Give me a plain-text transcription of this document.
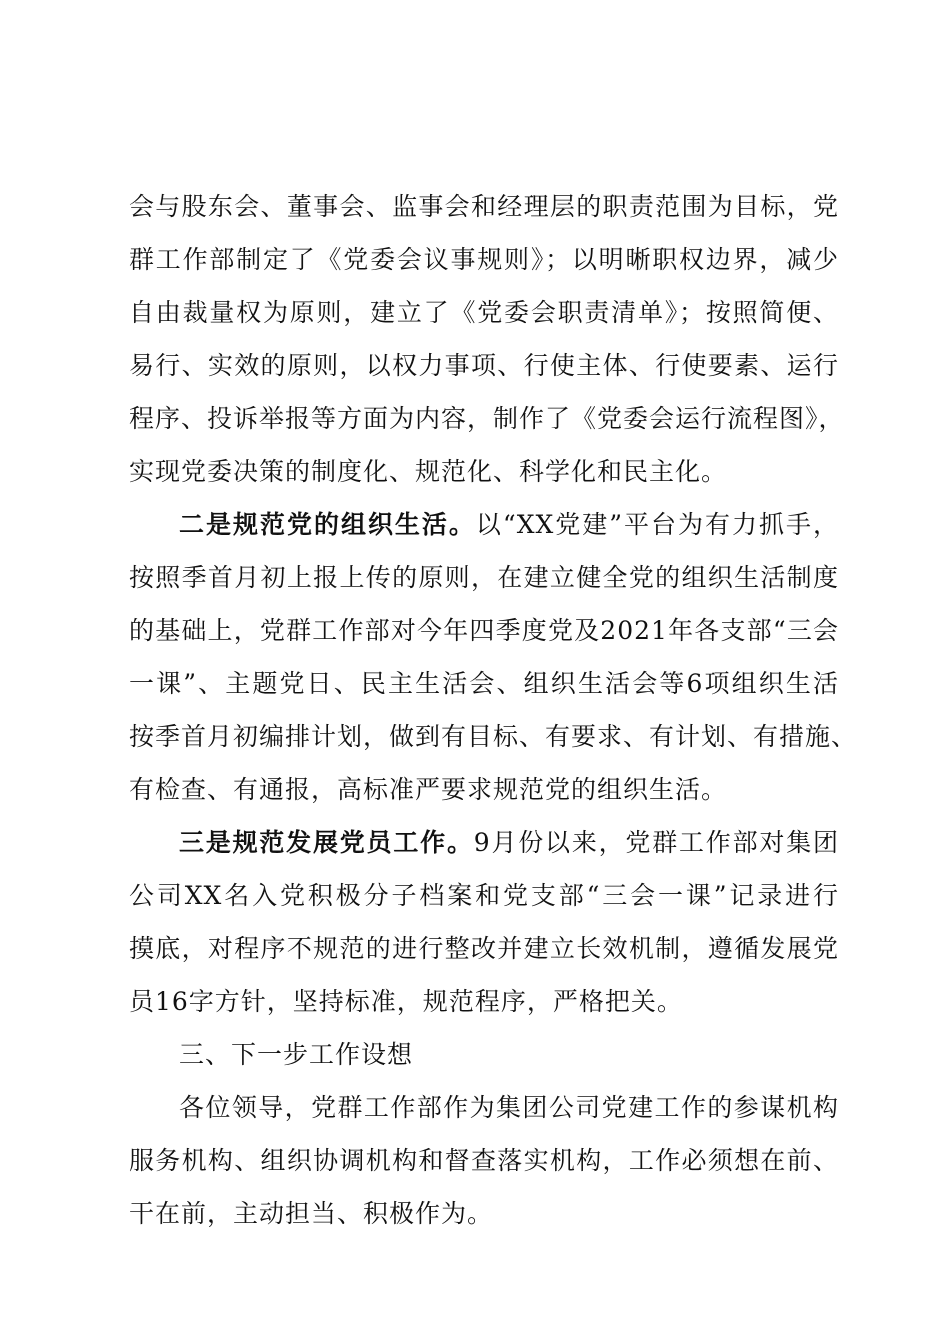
会与股东会、董事会、监事会和经理层的职责范围为目标，党
群工作部制定了《党委会议事规则》；以明晰职权边界，减少
自由裁量权为原则，建立了《党委会职责清单》；按照简便、
易行、实效的原则，以权力事项、行使主体、行使要素、运行
程序、投诉举报等方面为内容，制作了《党委会运行流程图》，
实现党委决策的制度化、规范化、科学化和民主化。
二是规范党的组织生活。以“XX党建”平台为有力抓手，
按照季首月初上报上传的原则，在建立健全党的组织生活制度
的基础上，党群工作部对今年四季度党及2021年各支部“三会
一课”、主题党日、民主生活会、组织生活会等6项组织生活
按季首月初编排计划，做到有目标、有要求、有计划、有措施、
有检查、有通报，高标准严要求规范党的组织生活。
三是规范发展党员工作。9月份以来，党群工作部对集团
公司XX名入党积极分子档案和党支部“三会一课”记录进行
摸底，对程序不规范的进行整改并建立长效机制，遵循发展党
员16字方针，坚持标准，规范程序，严格把关。
三、下一步工作设想
各位领导，党群工作部作为集团公司党建工作的参谋机构
服务机构、组织协调机构和督查落实机构，工作必须想在前、
干在前，主动担当、积极作为。
